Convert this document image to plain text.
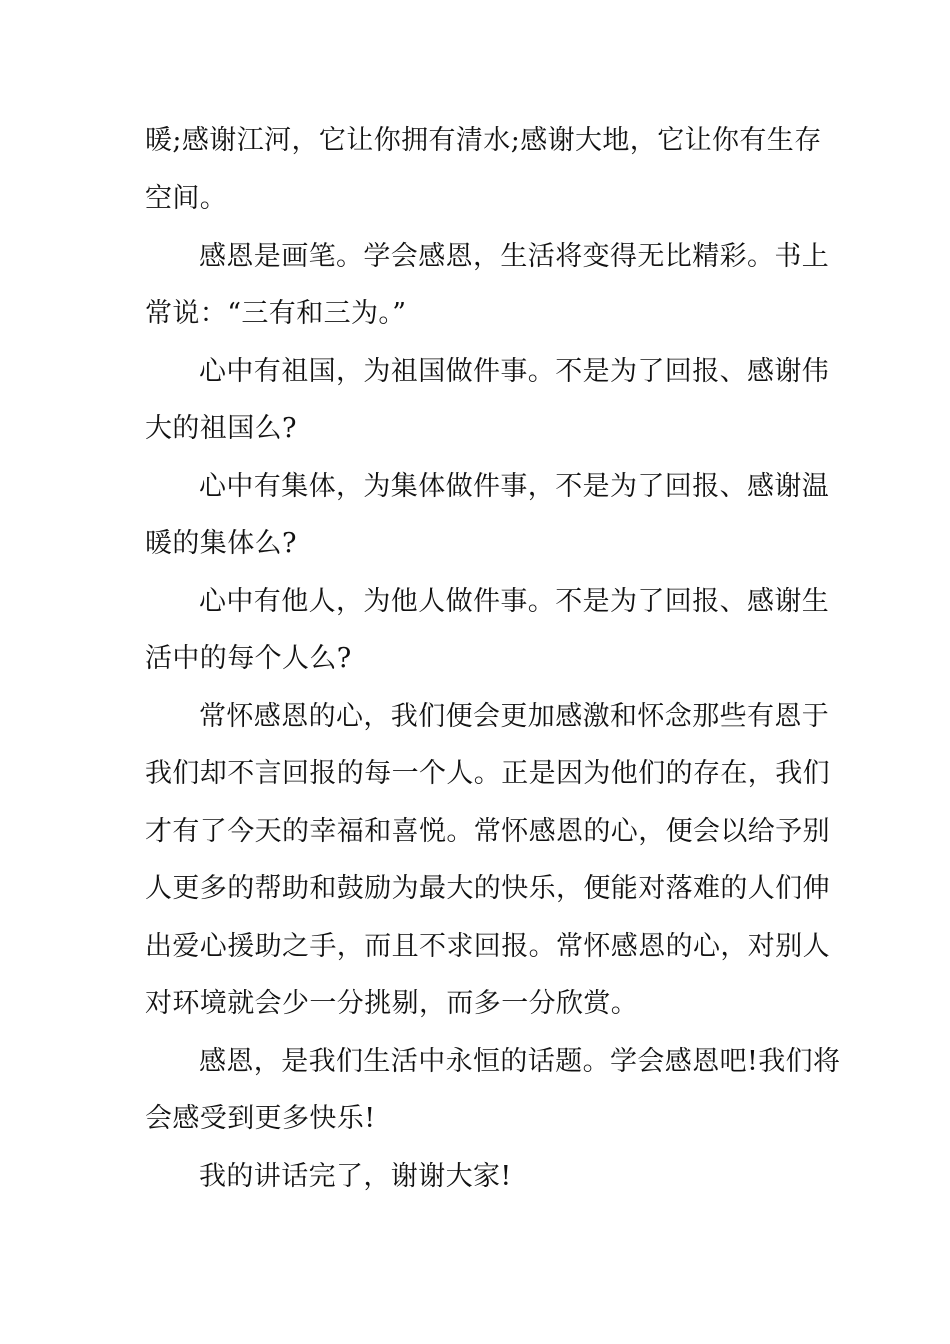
暖;感谢江河，它让你拥有清水;感谢大地，它让你有生存

空间。

感恩是画笔。学会感恩，生活将变得无比精彩。书上

常说：“三有和三为。”

心中有祖国，为祖国做件事。不是为了回报、感谢伟

大的祖国么?

心中有集体，为集体做件事，不是为了回报、感谢温

暖的集体么?

心中有他人，为他人做件事。不是为了回报、感谢生

活中的每个人么?

常怀感恩的心，我们便会更加感激和怀念那些有恩于

我们却不言回报的每一个人。正是因为他们的存在，我们

才有了今天的幸福和喜悦。常怀感恩的心，便会以给予别

人更多的帮助和鼓励为最大的快乐，便能对落难的人们伸

出爱心援助之手，而且不求回报。常怀感恩的心，对别人

对环境就会少一分挑剔，而多一分欣赏。

感恩，是我们生活中永恒的话题。学会感恩吧!我们将

会感受到更多快乐!

我的讲话完了，谢谢大家!
